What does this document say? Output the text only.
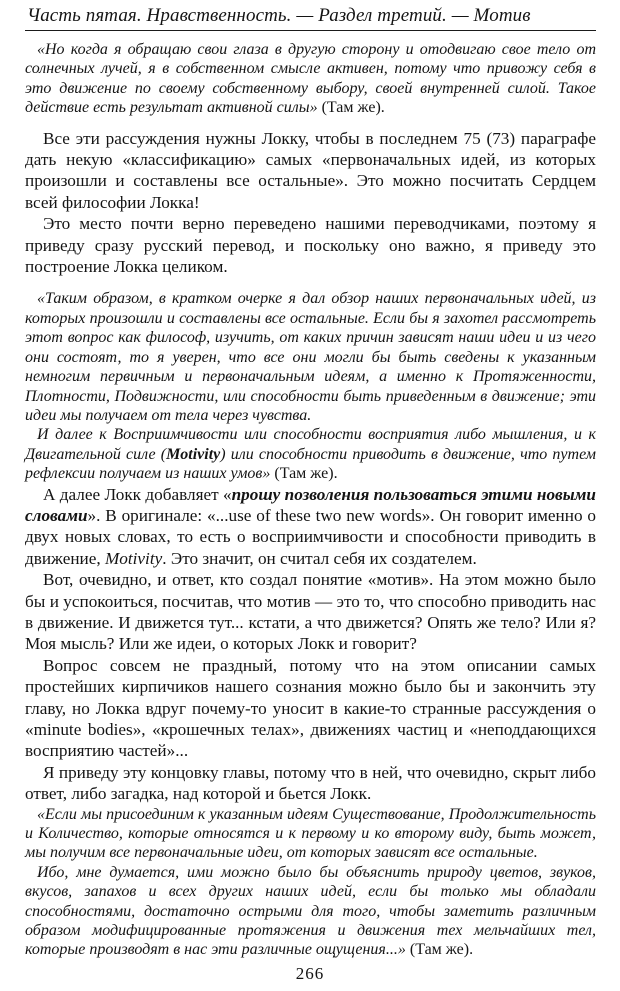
Часть пятая. Нравственность. — Раздел третий. — Мотив

«Но когда я обращаю свои глаза в другую сторону и отодвигаю свое тело от солнечных лучей, я в собственном смысле активен, потому что привожу себя в это движение по своему собственному выбору, своей внутренней силой. Такое действие есть результат активной силы» (Там же).

Все эти рассуждения нужны Локку, чтобы в последнем 75 (73) параграфе дать некую «классификацию» самых «первоначальных идей, из которых произошли и составлены все остальные». Это можно посчитать Сердцем всей философии Локка!

Это место почти верно переведено нашими переводчиками, поэтому я приведу сразу русский перевод, и поскольку оно важно, я приведу это построение Локка целиком.

«Таким образом, в кратком очерке я дал обзор наших первоначальных идей, из которых произошли и составлены все остальные. Если бы я захотел рассмотреть этот вопрос как философ, изучить, от каких причин зависят наши идеи и из чего они состоят, то я уверен, что все они могли бы быть сведены к указанным немногим первичным и первоначальным идеям, а именно к Протяженности, Плотности, Подвижности, или способности быть приведенным в движение; эти идеи мы получаем от тела через чувства.

И далее к Восприимчивости или способности восприятия либо мышления, и к Двигательной силе (Motivity) или способности приводить в движение, что путем рефлексии получаем из наших умов» (Там же).

А далее Локк добавляет «прошу позволения пользоваться этими новыми словами». В оригинале: «...use of these two new words». Он говорит именно о двух новых словах, то есть о восприимчивости и способности приводить в движение, Motivity. Это значит, он считал себя их создателем.

Вот, очевидно, и ответ, кто создал понятие «мотив». На этом можно было бы и успокоиться, посчитав, что мотив — это то, что способно приводить нас в движение. И движется тут... кстати, а что движется? Опять же тело? Или я? Моя мысль? Или же идеи, о которых Локк и говорит?

Вопрос совсем не праздный, потому что на этом описании самых простейших кирпичиков нашего сознания можно было бы и закончить эту главу, но Локка вдруг почему-то уносит в какие-то странные рассуждения о «minute bodies», «крошечных телах», движениях частиц и «неподдающихся восприятию частей»...

Я приведу эту концовку главы, потому что в ней, что очевидно, скрыт либо ответ, либо загадка, над которой и бьется Локк.

«Если мы присоединим к указанным идеям Существование, Продолжительность и Количество, которые относятся и к первому и ко второму виду, быть может, мы получим все первоначальные идеи, от которых зависят все остальные.

Ибо, мне думается, ими можно было бы объяснить природу цветов, звуков, вкусов, запахов и всех других наших идей, если бы только мы обладали способностями, достаточно острыми для того, чтобы заметить различным образом модифицированные протяжения и движения тех мельчайших тел, которые производят в нас эти различные ощущения...» (Там же).

266
